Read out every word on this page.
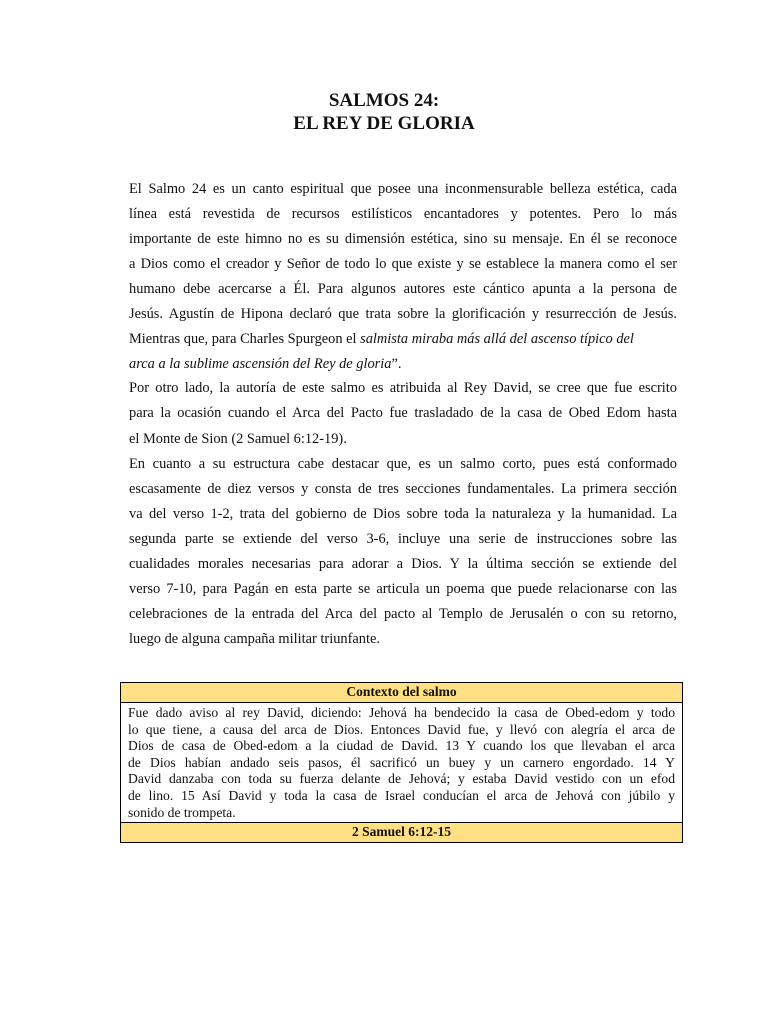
SALMOS 24:
EL REY DE GLORIA
El Salmo 24 es un canto espiritual que posee una inconmensurable belleza estética, cada
línea está revestida de recursos estilísticos encantadores y potentes. Pero lo más
importante de este himno no es su dimensión estética, sino su mensaje. En él se reconoce
a Dios como el creador y Señor de todo lo que existe y se establece la manera como el ser
humano debe acercarse a Él. Para algunos autores este cántico apunta a la persona de
Jesús. Agustín de Hipona declaró que trata sobre la glorificación y resurrección de Jesús.
Mientras que, para Charles Spurgeon el salmista miraba más allá del ascenso típico del
arca a la sublime ascensión del Rey de gloria”.
Por otro lado, la autoría de este salmo es atribuida al Rey David, se cree que fue escrito
para la ocasión cuando el Arca del Pacto fue trasladado de la casa de Obed Edom hasta
el Monte de Sion (2 Samuel 6:12-19).
En cuanto a su estructura cabe destacar que, es un salmo corto, pues está conformado
escasamente de diez versos y consta de tres secciones fundamentales. La primera sección
va del verso 1-2, trata del gobierno de Dios sobre toda la naturaleza y la humanidad. La
segunda parte se extiende del verso 3-6, incluye una serie de instrucciones sobre las
cualidades morales necesarias para adorar a Dios. Y la última sección se extiende del
verso 7-10, para Pagán en esta parte se articula un poema que puede relacionarse con las
celebraciones de la entrada del Arca del pacto al Templo de Jerusalén o con su retorno,
luego de alguna campaña militar triunfante.
Contexto del salmo
Fue dado aviso al rey David, diciendo: Jehová ha bendecido la casa de Obed-edom y todo
lo que tiene, a causa del arca de Dios. Entonces David fue, y llevó con alegría el arca de
Dios de casa de Obed-edom a la ciudad de David. 13 Y cuando los que llevaban el arca
de Dios habían andado seis pasos, él sacrificó un buey y un carnero engordado. 14 Y
David danzaba con toda su fuerza delante de Jehová; y estaba David vestido con un efod
de lino. 15 Así David y toda la casa de Israel conducían el arca de Jehová con júbilo y
sonido de trompeta.
2 Samuel 6:12-15
